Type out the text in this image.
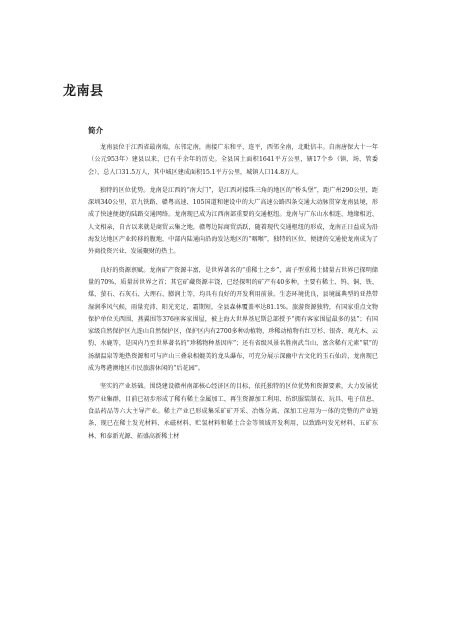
龙南县
简介

龙南县位于江西省最南端，东邻定南，南接广东和平、连平，西邻全南，北毗信丰。自南唐保大十一年（公元953年）建县以来，已有千余年的历史。全县国土面积1641平方公里，辖17个乡（镇、场、管委会），总人口31.5万人，其中城区建成面积15.1平方公里，城镇人口14.8万人。

独特的区位优势。龙南是江西的“南大门”，是江西对接珠三角的地区的“桥头堡”，距广州290公里，距深圳340公里，京九铁路、赣粤高速、105国道和建设中的大广高速公路四条交通大动脉贯穿龙南县境，形成了快速便捷的陆路交通网络。龙南现已成为江西南部重要的交通枢纽。龙南与广东山水相连、地缘相近、人文相亲，自古以来就是商贸云集之地，赣粤边际商贸活跃，随着现代交通枢纽的形成，龙南正日益成为沿海发达地区产业转移的腹地，中部内陆通向沿海发达地区的“咽喉”，独特的区位、便捷的交通使龙南成为了外商投资兴业、发展聚财的热土。

良好的资源禀赋。龙南矿产资源丰富，是世界著名的“重稀土之乡”，离子型重稀土储量占世界已探明储量的70%，质量居世界之首；其它矿藏资源丰饶，已经探明的矿产有40多种，主要有稀土、钨、铜、铁、煤、萤石、石灰石、大理石、膨润土等，均具有良好的开发利用前景。生态环境优良，县境属典型的亚热带湿润季风气候，雨量充沛、阳光充足，霜期短，全县森林覆盖率达81.1%。旅游资源独特，有国家重点文物保护单位关西围、燕翼围等376座客家围屋，被上海大世界基尼斯总部授予“拥有客家围屋最多的县”；有国家级自然保护区九连山自然保护区，保护区内有2700多种动植物，珍稀动植物有红豆杉、银杏、观光木、云豹、水鹿等，是国内乃至世界著名的“珍稀物种基因库”；还有省级风景名胜南武当山、富含稀有元素“氡”的汤湖温泉等地热资源和可与庐山三叠泉相媲美的龙头瀑布，可充分展示深幽中古文化的玉石仙岩，龙南现已成为粤港澳地区市民旅游休闲的“后花园”。

坚实的产业基础。围绕建设赣州南部核心经济区的目标，依托独特的区位优势和资源要素，大力发展优势产业集群，目前已初步形成了稀有稀土金属加工、再生资源加工利用、纺织服装制衣、玩具、电子信息、食品药品等六大主导产业。稀土产业已形成集采矿矿开采、冶炼分离、深加工应用为一体的完整的产业链条，现已在稀土发光材料、永磁材料、贮氢材料和稀土合金等领域开发利用，以致路玛发光材料、五矿东林、和泰新光源、拓盛高新稀土材
